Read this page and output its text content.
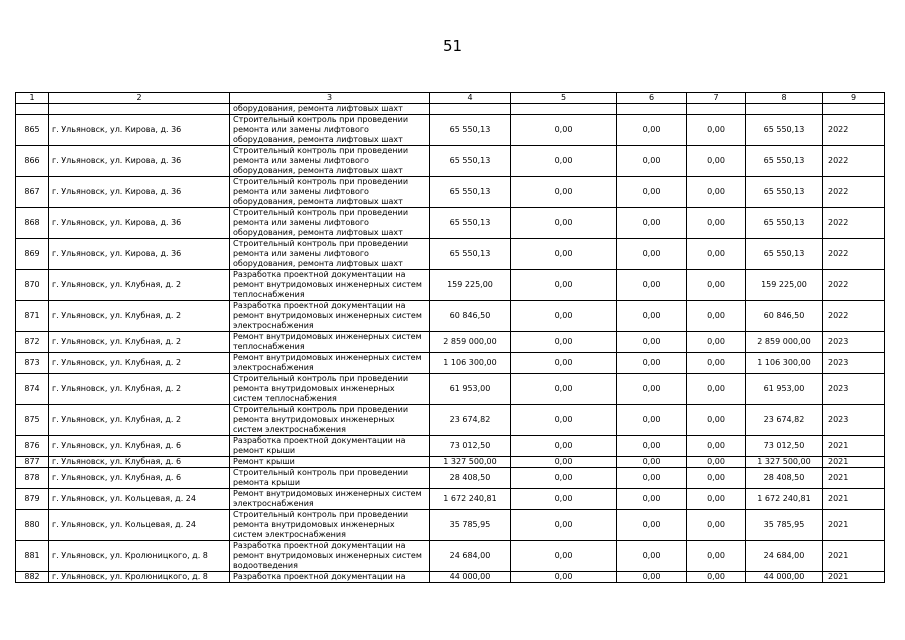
51
1	2	3	4	5	6	7	8	9
		оборудования, ремонта лифтовых шахт						
865	г. Ульяновск, ул. Кирова, д. 36	Строительный контроль при проведении ремонта или замены лифтового оборудования, ремонта лифтовых шахт	65 550,13	0,00	0,00	0,00	65 550,13	2022
866	г. Ульяновск, ул. Кирова, д. 36	Строительный контроль при проведении ремонта или замены лифтового оборудования, ремонта лифтовых шахт	65 550,13	0,00	0,00	0,00	65 550,13	2022
867	г. Ульяновск, ул. Кирова, д. 36	Строительный контроль при проведении ремонта или замены лифтового оборудования, ремонта лифтовых шахт	65 550,13	0,00	0,00	0,00	65 550,13	2022
868	г. Ульяновск, ул. Кирова, д. 36	Строительный контроль при проведении ремонта или замены лифтового оборудования, ремонта лифтовых шахт	65 550,13	0,00	0,00	0,00	65 550,13	2022
869	г. Ульяновск, ул. Кирова, д. 36	Строительный контроль при проведении ремонта или замены лифтового оборудования, ремонта лифтовых шахт	65 550,13	0,00	0,00	0,00	65 550,13	2022
870	г. Ульяновск, ул. Клубная, д. 2	Разработка проектной документации на ремонт внутридомовых инженерных систем теплоснабжения	159 225,00	0,00	0,00	0,00	159 225,00	2022
871	г. Ульяновск, ул. Клубная, д. 2	Разработка проектной документации на ремонт внутридомовых инженерных систем электроснабжения	60 846,50	0,00	0,00	0,00	60 846,50	2022
872	г. Ульяновск, ул. Клубная, д. 2	Ремонт внутридомовых инженерных систем теплоснабжения	2 859 000,00	0,00	0,00	0,00	2 859 000,00	2023
873	г. Ульяновск, ул. Клубная, д. 2	Ремонт внутридомовых инженерных систем электроснабжения	1 106 300,00	0,00	0,00	0,00	1 106 300,00	2023
874	г. Ульяновск, ул. Клубная, д. 2	Строительный контроль при проведении ремонта внутридомовых инженерных систем теплоснабжения	61 953,00	0,00	0,00	0,00	61 953,00	2023
875	г. Ульяновск, ул. Клубная, д. 2	Строительный контроль при проведении ремонта внутридомовых инженерных систем электроснабжения	23 674,82	0,00	0,00	0,00	23 674,82	2023
876	г. Ульяновск, ул. Клубная, д. 6	Разработка проектной документации на ремонт крыши	73 012,50	0,00	0,00	0,00	73 012,50	2021
877	г. Ульяновск, ул. Клубная, д. 6	Ремонт крыши	1 327 500,00	0,00	0,00	0,00	1 327 500,00	2021
878	г. Ульяновск, ул. Клубная, д. 6	Строительный контроль при проведении ремонта крыши	28 408,50	0,00	0,00	0,00	28 408,50	2021
879	г. Ульяновск, ул. Кольцевая, д. 24	Ремонт внутридомовых инженерных систем электроснабжения	1 672 240,81	0,00	0,00	0,00	1 672 240,81	2021
880	г. Ульяновск, ул. Кольцевая, д. 24	Строительный контроль при проведении ремонта внутридомовых инженерных систем электроснабжения	35 785,95	0,00	0,00	0,00	35 785,95	2021
881	г. Ульяновск, ул. Кролюницкого, д. 8	Разработка проектной документации на ремонт внутридомовых инженерных систем водоотведения	24 684,00	0,00	0,00	0,00	24 684,00	2021
882	г. Ульяновск, ул. Кролюницкого, д. 8	Разработка проектной документации на	44 000,00	0,00	0,00	0,00	44 000,00	2021
